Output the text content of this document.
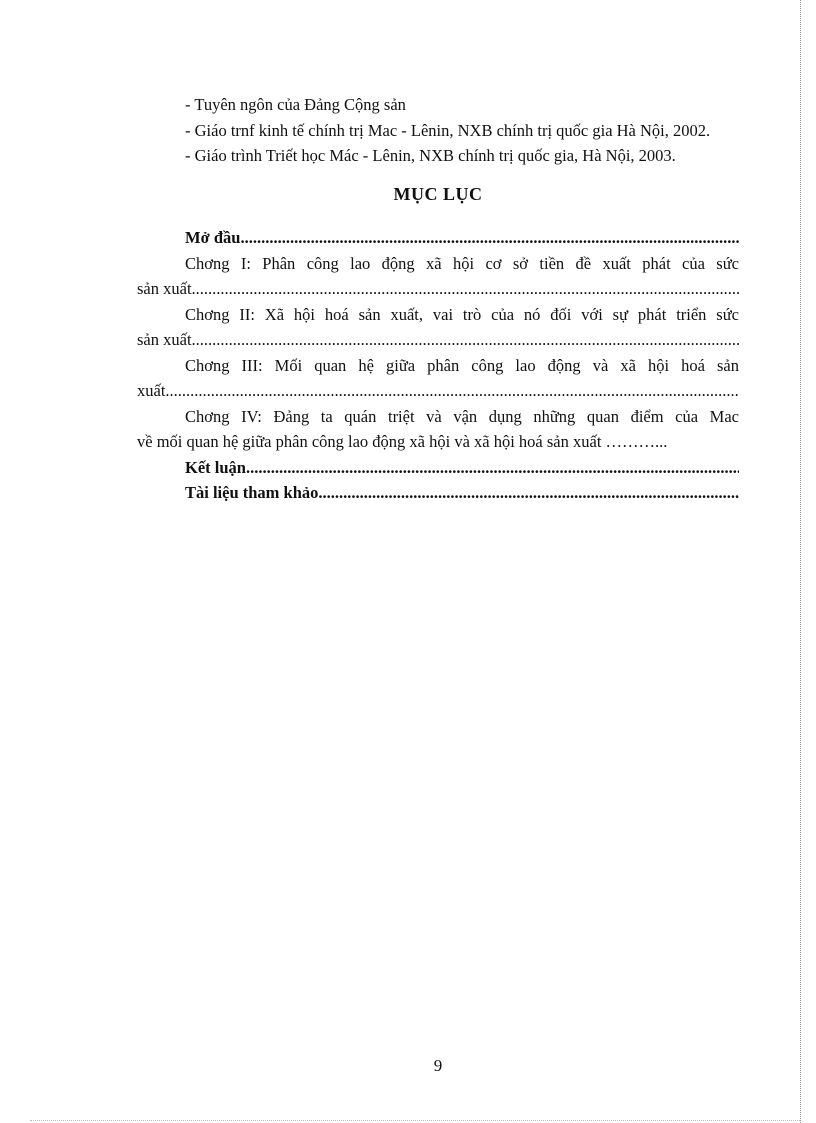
- Tuyên ngôn của Đảng Cộng sản

- Giáo trnf kinh tế chính trị Mac - Lênin, NXB chính trị quốc gia Hà Nội, 2002.

- Giáo trình Triết học Mác - Lênin, NXB chính trị quốc gia, Hà Nội, 2003.

MỤC LỤC
Mở đầu
.....
Chơng I: Phân công lao động xã hội cơ sở tiền đề xuất phát của sức
sản xuất.
.....
Chơng II: Xã hội hoá sản xuất, vai trò của nó đối với sự phát triển sức
sản xuất.
.....
Chơng III: Mối quan hệ giữa phân công lao động và xã hội hoá sản
xuất
.....
Chơng IV: Đảng ta quán triệt và vận dụng những quan điểm của Mac
về mối quan hệ giữa phân công lao động xã hội và xã hội hoá sản xuất ………...
Kết luận
.....
Tài liệu tham khảo
.....
9
